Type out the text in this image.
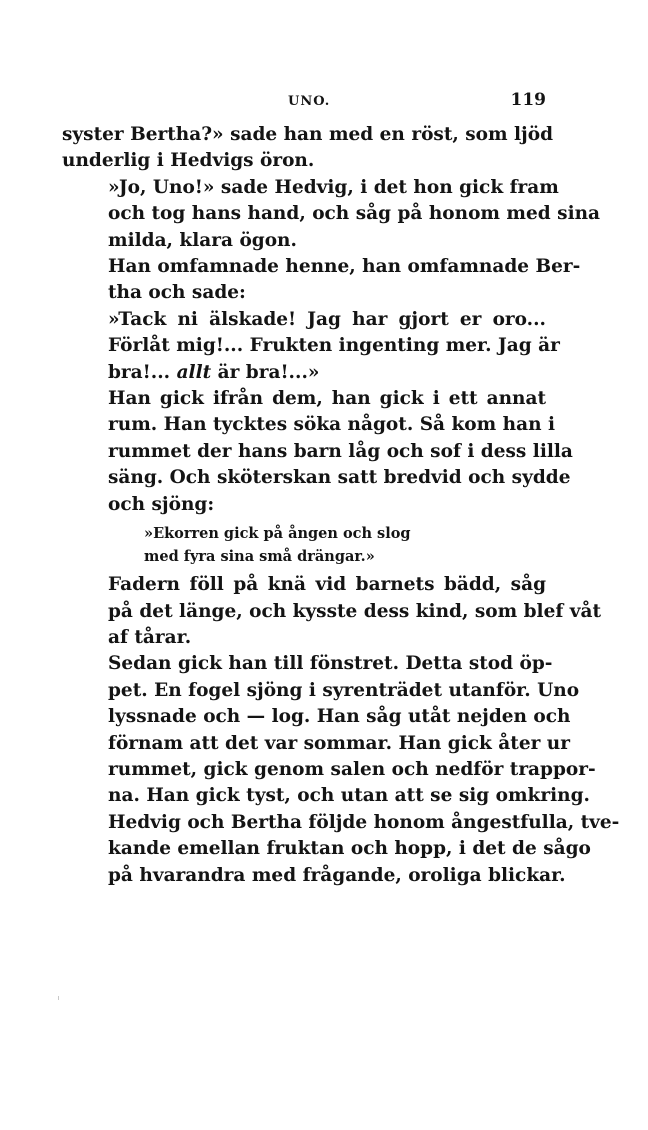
UNO.	119

syster Bertha?» sade han med en röst, som ljöd
underlig i Hedvigs öron.

»Jo, Uno!» sade Hedvig, i det hon gick fram
och tog hans hand, och såg på honom med sina
milda, klara ögon.

Han omfamnade henne, han omfamnade Ber-
tha och sade:

»Tack ni älskade! Jag har gjort er oro...
Förlåt mig!... Frukten ingenting mer. Jag är
bra!... allt är bra!...»

Han gick ifrån dem, han gick i ett annat
rum. Han tycktes söka något. Så kom han i
rummet der hans barn låg och sof i dess lilla
säng. Och sköterskan satt bredvid och sydde
och sjöng:

»Ekorren gick på ången och slog
med fyra sina små drängar.»

Fadern föll på knä vid barnets bädd, såg
på det länge, och kysste dess kind, som blef våt
af tårar.

Sedan gick han till fönstret. Detta stod öp-
pet. En fogel sjöng i syrenträdet utanför. Uno
lyssnade och — log. Han såg utåt nejden och
förnam att det var sommar. Han gick åter ur
rummet, gick genom salen och nedför trappor-
na. Han gick tyst, och utan att se sig omkring.
Hedvig och Bertha följde honom ångestfulla, tve-
kande emellan fruktan och hopp, i det de sågo
på hvarandra med frågande, oroliga blickar.
